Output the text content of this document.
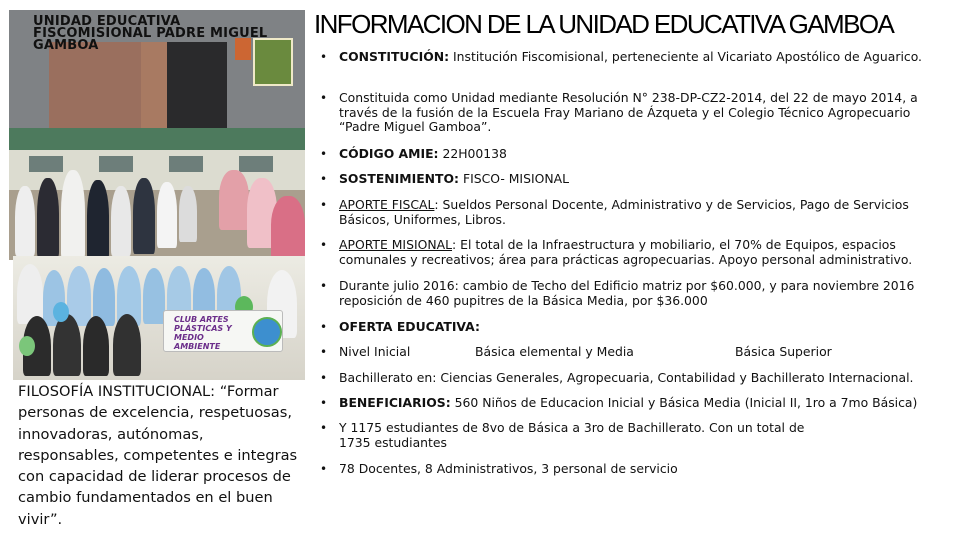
UNIDAD EDUCATIVA FISCOMISIONAL PADRE MIGUEL GAMBOA
CLUB ARTES PLÁSTICAS Y MEDIO AMBIENTE

FILOSOFÍA INSTITUCIONAL: “Formar personas de excelencia, respetuosas, innovadoras, autónomas, responsables, competentes e integras con capacidad de liderar procesos de cambio fundamentados en el buen vivir”.

INFORMACION DE LA UNIDAD EDUCATIVA GAMBOA
• CONSTITUCIÓN: Institución Fiscomisional, perteneciente al Vicariato Apostólico de Aguarico.
• Constituida como Unidad mediante Resolución N° 238-DP-CZ2-2014, del 22 de mayo 2014, a través de la fusión de la Escuela Fray Mariano de Ázqueta y el Colegio Técnico Agropecuario “Padre Miguel Gamboa”.
• CÓDIGO AMIE: 22H00138
• SOSTENIMIENTO: FISCO- MISIONAL
• APORTE FISCAL: Sueldos Personal Docente, Administrativo y de Servicios, Pago de Servicios Básicos, Uniformes, Libros.
• APORTE MISIONAL: El total de la Infraestructura y mobiliario, el 70% de Equipos, espacios comunales y recreativos; área para prácticas agropecuarias. Apoyo personal administrativo.
• Durante julio 2016: cambio de Techo del Edificio matriz por $60.000, y para noviembre 2016 reposición de 460 pupitres de la Básica Media, por $36.000
• OFERTA EDUCATIVA:
• Nivel Inicial	Básica elemental y Media	Básica Superior
• Bachillerato en: Ciencias Generales, Agropecuaria, Contabilidad y Bachillerato Internacional.
• BENEFICIARIOS: 560 Niños de Educacion Inicial y Básica Media (Inicial II, 1ro a 7mo Básica)
• Y 1175 estudiantes de 8vo de Básica a 3ro de Bachillerato. Con un total de 1735 estudiantes
• 78 Docentes, 8 Administrativos, 3 personal de servicio
